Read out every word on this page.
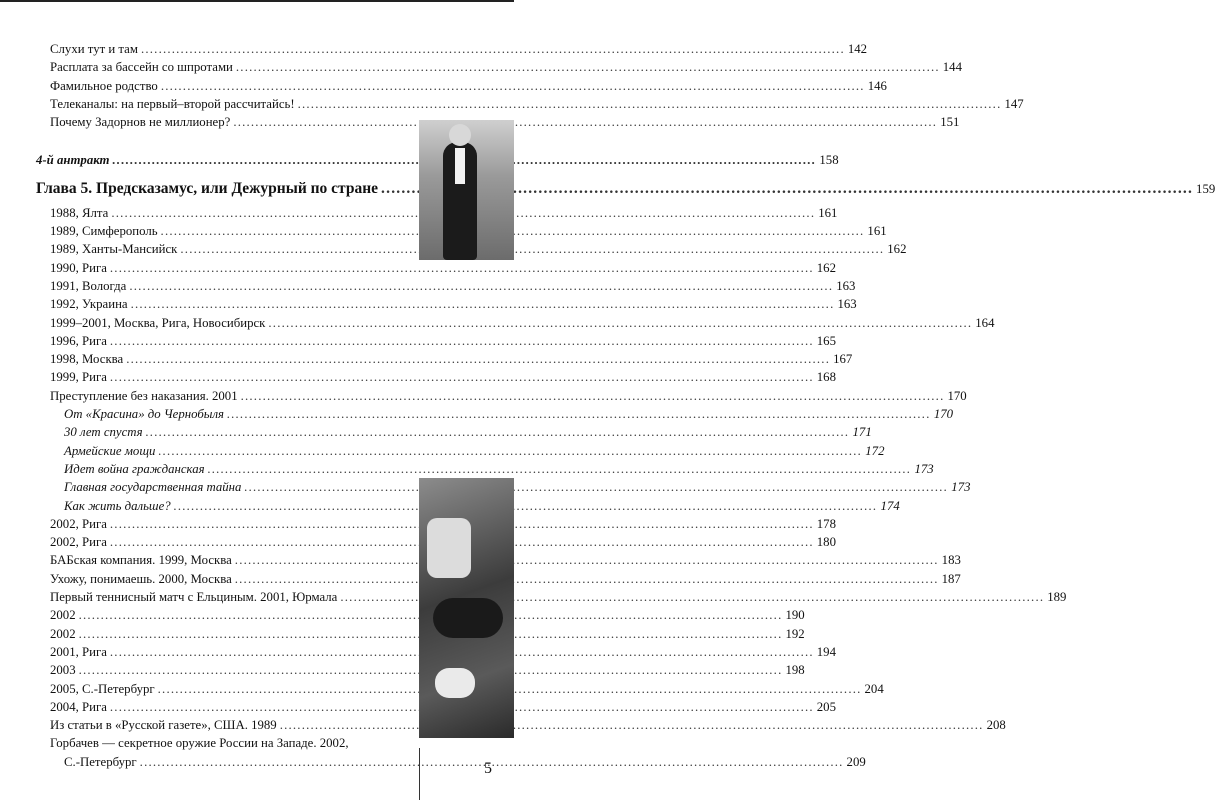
Слухи тут и там .....	142
Расплата за бассейн со шпротами .....	144
Фамильное родство .....	146
Телеканалы: на первый–второй рассчитайсь! .....	147
Почему Задорнов не миллионер? .....	151
4-й антракт .....	158
Глава 5. Предсказамус, или Дежурный по стране .....	159
1988, Ялта .....	161
1989, Симферополь .....	161
1989, Ханты-Мансийск .....	162
1990, Рига .....	162
1991, Вологда .....	163
1992, Украина .....	163
1999–2001, Москва, Рига, Новосибирск .....	164
1996, Рига .....	165
1998, Москва .....	167
1999, Рига .....	168
Преступление без наказания. 2001 .....	170
От «Красина» до Чернобыля .....	170
30 лет спустя .....	171
Армейские мощи .....	172
Идет война гражданская .....	173
Главная государственная тайна .....	173
Как жить дальше? .....	174
2002, Рига .....	178
2002, Рига .....	180
БАБская компания. 1999, Москва .....	183
Ухожу, понимаешь. 2000, Москва .....	187
Первый теннисный матч с Ельциным. 2001, Юрмала .....	189
2002 .....	190
2002 .....	192
2001, Рига .....	194
2003 .....	198
2005, С.-Петербург .....	204
2004, Рига .....	205
Из статьи в «Русской газете», США. 1989 .....	208
Горбачев — секретное оружие России на Западе. 2002,
С.-Петербург .....	209
5
